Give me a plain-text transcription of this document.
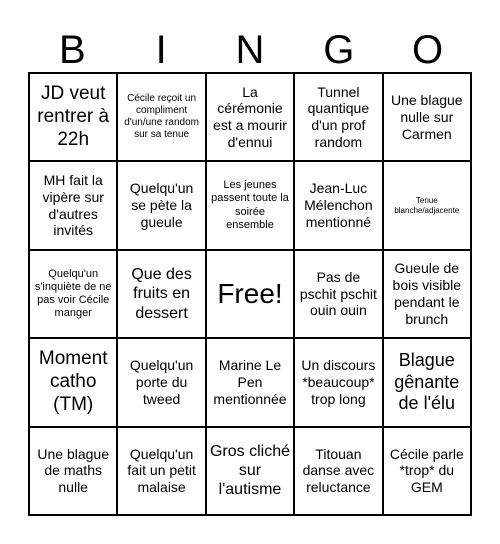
B	I	N	G	O
JD veut rentrer à 22h
Cécile reçoit un compliment d'un/une random sur sa tenue
La cérémonie est a mourir d'ennui
Tunnel quantique d'un prof random
Une blague nulle sur Carmen
MH fait la vipère sur d'autres invités
Quelqu'un se pète la gueule
Les jeunes passent toute la soirée ensemble
Jean-Luc Mélenchon mentionné
Tenue blanche/adjacente
Quelqu'un s'inquiète de ne pas voir Cécile manger
Que des fruits en dessert
Free!
Pas de pschit pschit ouin ouin
Gueule de bois visible pendant le brunch
Moment catho (TM)
Quelqu'un porte du tweed
Marine Le Pen mentionnée
Un discours *beaucoup* trop long
Blague gênante de l'élu
Une blague de maths nulle
Quelqu'un fait un petit malaise
Gros cliché sur l'autisme
Titouan danse avec reluctance
Cécile parle *trop* du GEM
